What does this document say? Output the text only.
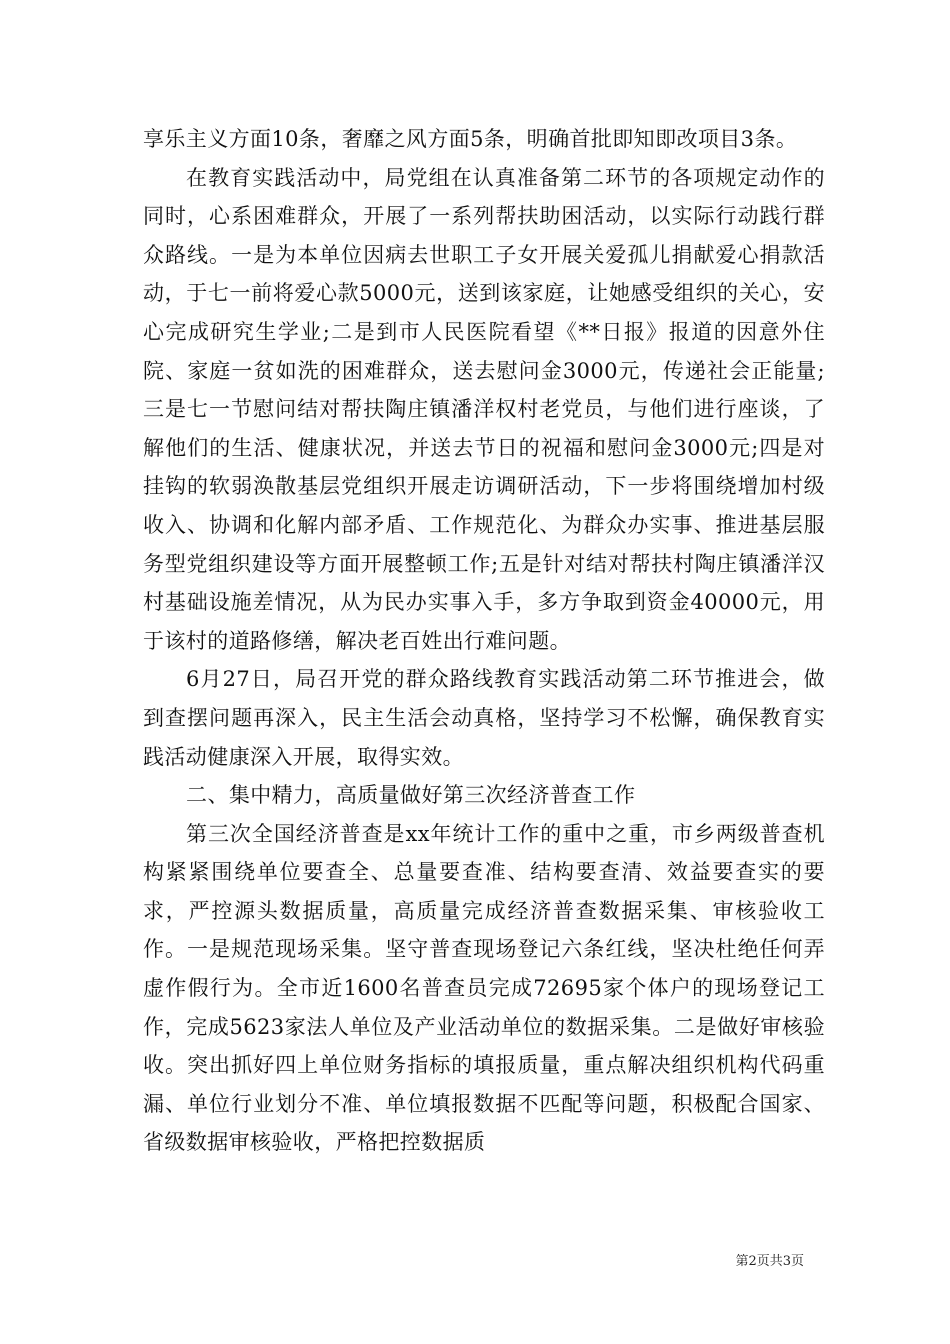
享乐主义方面10条，奢靡之风方面5条，明确首批即知即改项目3条。

在教育实践活动中，局党组在认真准备第二环节的各项规定动作的同时，心系困难群众，开展了一系列帮扶助困活动，以实际行动践行群众路线。一是为本单位因病去世职工子女开展关爱孤儿捐献爱心捐款活动，于七一前将爱心款5000元，送到该家庭，让她感受组织的关心，安心完成研究生学业;二是到市人民医院看望《**日报》报道的因意外住院、家庭一贫如洗的困难群众，送去慰问金3000元，传递社会正能量;三是七一节慰问结对帮扶陶庄镇潘洋权村老党员，与他们进行座谈，了解他们的生活、健康状况，并送去节日的祝福和慰问金3000元;四是对挂钩的软弱涣散基层党组织开展走访调研活动，下一步将围绕增加村级收入、协调和化解内部矛盾、工作规范化、为群众办实事、推进基层服务型党组织建设等方面开展整顿工作;五是针对结对帮扶村陶庄镇潘洋汉村基础设施差情况，从为民办实事入手，多方争取到资金40000元，用于该村的道路修缮，解决老百姓出行难问题。

6月27日，局召开党的群众路线教育实践活动第二环节推进会，做到查摆问题再深入，民主生活会动真格，坚持学习不松懈，确保教育实践活动健康深入开展，取得实效。

二、集中精力，高质量做好第三次经济普查工作

第三次全国经济普查是xx年统计工作的重中之重，市乡两级普查机构紧紧围绕单位要查全、总量要查准、结构要查清、效益要查实的要求，严控源头数据质量，高质量完成经济普查数据采集、审核验收工作。一是规范现场采集。坚守普查现场登记六条红线，坚决杜绝任何弄虚作假行为。全市近1600名普查员完成72695家个体户的现场登记工作，完成5623家法人单位及产业活动单位的数据采集。二是做好审核验收。突出抓好四上单位财务指标的填报质量，重点解决组织机构代码重漏、单位行业划分不准、单位填报数据不匹配等问题，积极配合国家、省级数据审核验收，严格把控数据质

第2页共3页
